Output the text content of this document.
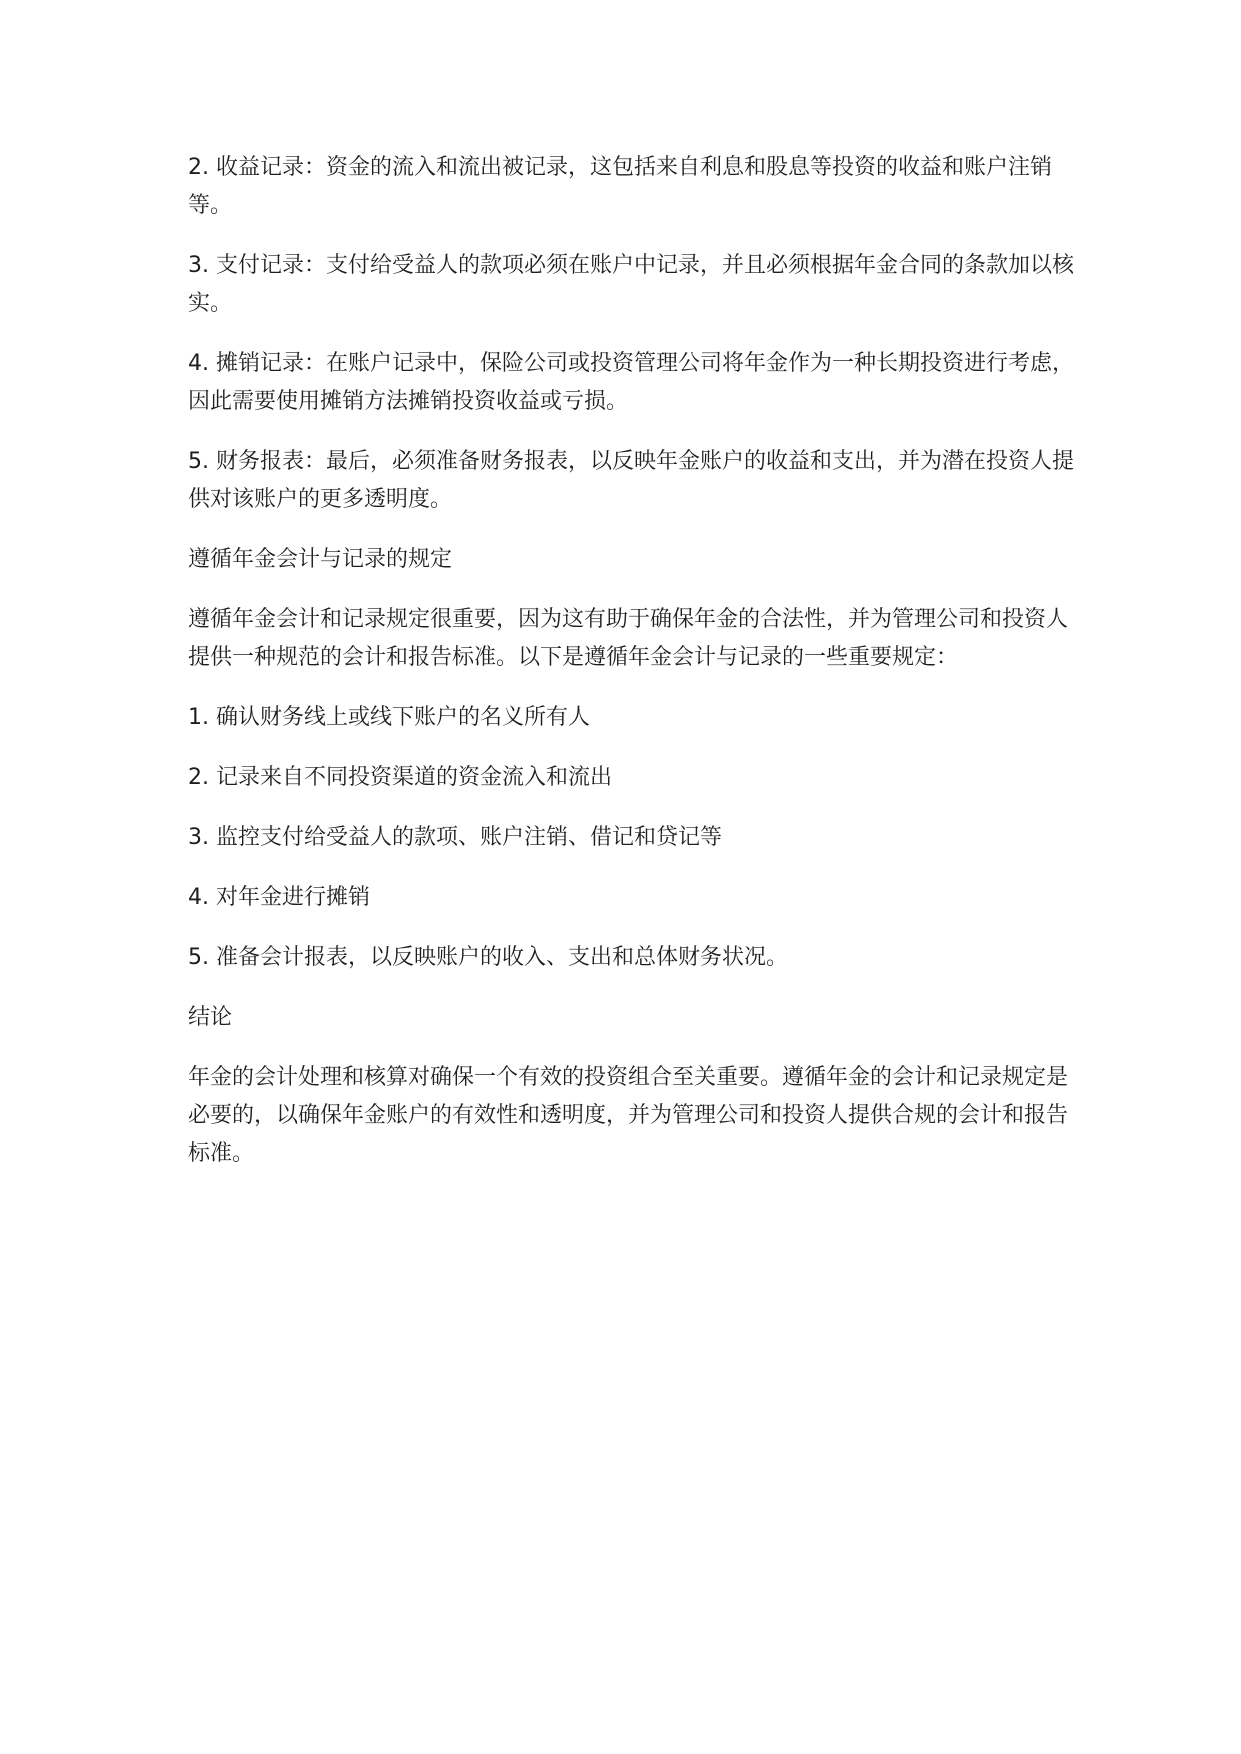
2. 收益记录：资金的流入和流出被记录，这包括来自利息和股息等投资的收益和账户注销等。

3. 支付记录：支付给受益人的款项必须在账户中记录，并且必须根据年金合同的条款加以核实。

4. 摊销记录：在账户记录中，保险公司或投资管理公司将年金作为一种长期投资进行考虑，因此需要使用摊销方法摊销投资收益或亏损。

5. 财务报表：最后，必须准备财务报表，以反映年金账户的收益和支出，并为潜在投资人提供对该账户的更多透明度。

遵循年金会计与记录的规定

遵循年金会计和记录规定很重要，因为这有助于确保年金的合法性，并为管理公司和投资人提供一种规范的会计和报告标准。以下是遵循年金会计与记录的一些重要规定：

1. 确认财务线上或线下账户的名义所有人

2. 记录来自不同投资渠道的资金流入和流出

3. 监控支付给受益人的款项、账户注销、借记和贷记等

4. 对年金进行摊销

5. 准备会计报表，以反映账户的收入、支出和总体财务状况。

结论

年金的会计处理和核算对确保一个有效的投资组合至关重要。遵循年金的会计和记录规定是必要的，以确保年金账户的有效性和透明度，并为管理公司和投资人提供合规的会计和报告标准。
